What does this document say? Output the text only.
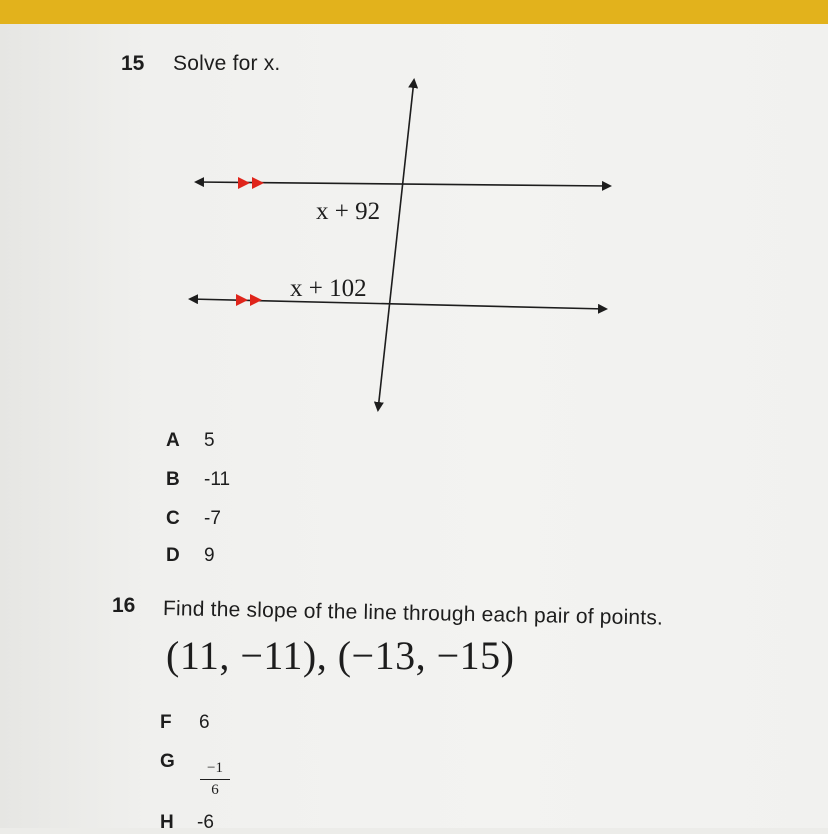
15 Solve for x.
x + 92
x + 102
A 5
B -11
C -7
D 9
16 Find the slope of the line through each pair of points.
(11, −11), (−13, −15)
F 6
G $\frac{-1}{6}$
H -6
